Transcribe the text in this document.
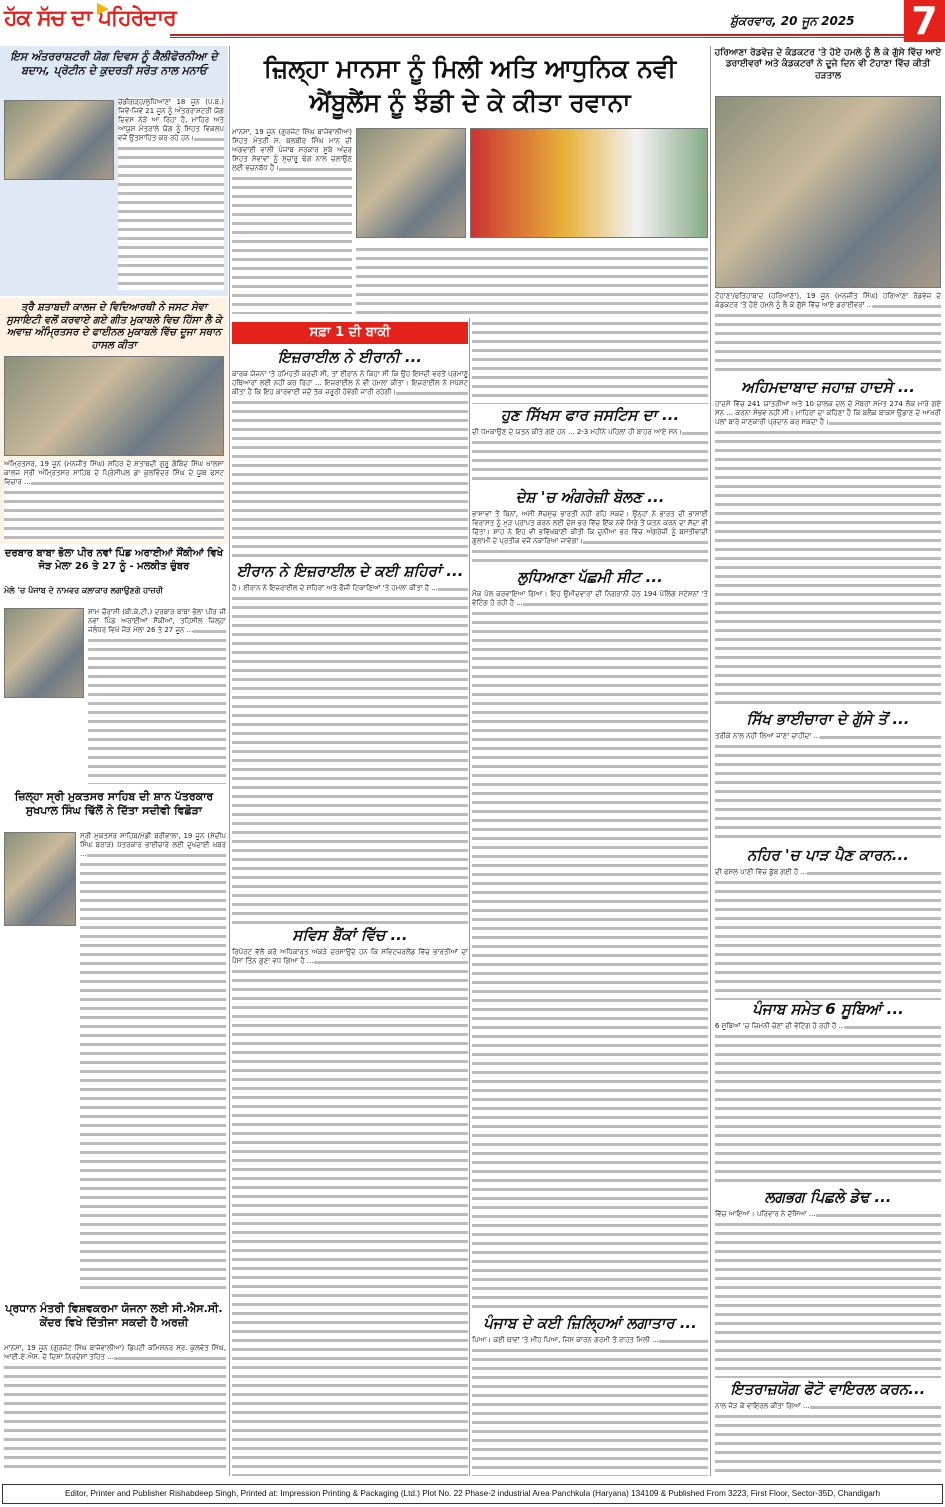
ਹੱਕ ਸੱਚ ਦਾ ਪਹਿਰੇਦਾਰ	ਸ਼ੁੱਕਰਵਾਰ, 20 ਜੂਨ 2025 7
ਇਸ ਅੰਤਰਰਾਸ਼ਟਰੀ ਯੋਗ ਦਿਵਸ ਨੂੰ ਕੈਲੀਫੋਰਨੀਆ ਦੇ ਬਦਾਮ, ਪ੍ਰੋਟੀਨ ਦੇ ਕੁਦਰਤੀ ਸਰੋਤ ਨਾਲ ਮਨਾਓ
ਚੰਡੀਗੜ੍ਹ/ਲੁਧਿਆਣਾ 18 ਜੂਨ (ਪ.ਬ.) ਜਿਵੇਂ-ਜਿਵੇਂ 21 ਜੂਨ ਨੂੰ ਅੰਤਰਰਾਸ਼ਟਰੀ ਯੋਗ ਦਿਵਸ ਨੇੜੇ ਆ ਰਿਹਾ ਹੈ, ਮਾਹਿਰ ਅਤੇ ਆਯੁਸ਼ ਮੰਤਰਾਲੇ ਯੋਗ ਨੂੰ ਸਿਹਤ ਵਿਕਲਪ ਵਜੋਂ ਉਤਸ਼ਾਹਿਤ ਕਰ ਰਹੇ ਹਨ।
ਤ੍ਰੈ ਸ਼ਤਾਬਦੀ ਕਾਲਜ ਦੇ ਵਿਦਿਆਰਥੀ ਨੇ ਜਸਟ ਸੇਵਾ ਸੁਸਾਇਟੀ ਵਲੋਂ ਕਰਵਾਏ ਗਏ ਗੀਤ ਮੁਕਾਬਲੇ ਵਿਚ ਹਿੱਸਾ ਲੈ ਕੇ ਅਵਾਜ਼ ਅੰਮ੍ਰਿਤਸਰ ਦੇ ਫਾਈਨਲ ਮੁਕਾਬਲੇ ਵਿੱਚ ਦੂਜਾ ਸਥਾਨ ਹਾਸਲ ਕੀਤਾ
ਅੰਮ੍ਰਿਤਸਰ, 19 ਜੂਨ (ਮਨਜੀਤ ਸਿੰਘ) ਸ਼ਹਿਰ ਦੇ ਸ਼ਤਾਬਦੀ ਗੁਰੂ ਗੋਬਿੰਦ ਸਿੰਘ ਖਾਲਸਾ ਕਾਲਜ ਸ੍ਰੀ ਅੰਮ੍ਰਿਤਸਰ ਸਾਹਿਬ ਦੇ ਪ੍ਰਿੰਸੀਪਲ ਡਾ ਕੁਲਵਿੰਦਰ ਸਿੰਘ ਦੇ ਯੂਥ ਫਸਟ ਵਿਚਾਰ ...
ਦਰਬਾਰ ਬਾਬਾ ਭੋਲਾ ਪੀਰ ਨਵਾਂ ਪਿੰਡ ਅਰਾਈਆਂ ਸੌਂਕੀਆਂ ਵਿਖੇ ਜੋੜ ਮੇਲਾ 26 ਤੇ 27 ਨੂੰ - ਮਲਕੀਤ ਚੁੰਬਰ
ਮੇਲੇ 'ਚ ਪੰਜਾਬ ਦੇ ਨਾਮਵਰ ਕਲਾਕਾਰ ਲਗਾਉਣਗੇ ਹਾਜ਼ਰੀ
ਸ਼ਾਮ ਚੌਰਾਸੀ (ਬੀ.ਕੇ.ਟੀ.) ਦਰਬਾਰ ਬਾਬਾ ਭੋਲਾ ਪੀਰ ਜੀ ਨਵਾਂ ਪਿੰਡ ਅਰਾਈਆਂ ਸੌਂਕੀਆਂ, ਤਹਿਸੀਲ ਜ਼ਿਲ੍ਹਾ ਜਲੰਧਰ ਵਿਖੇ ਜੋੜ ਮੇਲਾ 26 ਤੇ 27 ਜੂਨ ...
ਜ਼ਿਲ੍ਹਾ ਸ੍ਰੀ ਮੁਕਤਸਰ ਸਾਹਿਬ ਦੀ ਸ਼ਾਨ ਪੱਤਰਕਾਰ ਸੁਖਪਾਲ ਸਿੰਘ ਢਿੱਲੋਂ ਨੇ ਦਿੱਤਾ ਸਦੀਵੀ ਵਿਛੋੜਾ
ਸ੍ਰੀ ਮੁਕਤਸਰ ਸਾਹਿਬ/ਮੰਡੀ ਬਰੀਵਾਲਾ, 19 ਜੂਨ (ਸੰਦੀਪ ਸਿੰਘ ਬਰਾੜ) ਪੱਤਰਕਾਰ ਭਾਈਚਾਰੇ ਲਈ ਦੁਖਦਾਈ ਖ਼ਬਰ ...
ਪ੍ਰਧਾਨ ਮੰਤਰੀ ਵਿਸ਼ਵਕਰਮਾ ਯੋਜਨਾ ਲਈ ਸੀ.ਐਸ.ਸੀ. ਕੇਂਦਰ ਵਿਖੇ ਦਿੱਤੀਜਾ ਸਕਦੀ ਹੈ ਅਰਜ਼ੀ
ਮਾਨਸਾ, 19 ਜੂਨ (ਗੁਰਜੰਟ ਸਿੰਘ ਬਾਜੇਵਾਲੀਆ) ਡਿਪਟੀ ਕਮਿਸ਼ਨਰ ਸ੍ਰ. ਕੁਲਵੰਤ ਸਿੰਘ, ਆਈ.ਏ.ਐਸ. ਦੇ ਦਿਸ਼ਾ ਨਿਰਦੇਸ਼ਾਂ ਤਹਿਤ ...
ਜ਼ਿਲ੍ਹਾ ਮਾਨਸਾ ਨੂੰ ਮਿਲੀ ਅਤਿ ਆਧੁਨਿਕ ਨਵੀ ਐਂਬੂਲੈਂਸ ਨੂੰ ਝੰਡੀ ਦੇ ਕੇ ਕੀਤਾ ਰਵਾਨਾ
ਮਾਨਸਾ, 19 ਜੂਨ (ਗੁਰਜੰਟ ਸਿੰਘ ਬਾਜੇਵਾਲੀਆ) ਸਿਹਤ ਮੰਤਰੀ ਸ. ਬਲਬੀਰ ਸਿੰਘ ਮਾਨ ਦੀ ਅਗਵਾਈ ਵਾਲੀ ਪੰਜਾਬ ਸਰਕਾਰ ਸੂਬੇ ਅੰਦਰ ਸਿਹਤ ਸੇਵਾਵਾਂ ਨੂੰ ਸੁਚਾਰੂ ਢੰਗ ਨਾਲ ਚਲਾਉਣ ਲਈ ਵਚਨਬੱਧ ਹੈ।
ਸਫ਼ਾ 1 ਦੀ ਬਾਕੀ
ਇਜ਼ਰਾਈਲ ਨੇ ਈਰਾਨੀ ...
ਕਾਰਕ ਯੋਜਨਾ 'ਤੇ ਹਮਿਹਤੀ ਕਰਦੀ ਸੀ, ਤਾਂ ਈਰਾਨ ਨੇ ਕਿਹਾ ਸੀ ਕਿ ਉਹ ਇਸਦੀ ਵਰਤੋਂ ਪ੍ਰਮਾਣੂ ਹਥਿਆਰਾਂ ਲਈ ਨਹੀਂ ਕਰ ਰਿਹਾ ... ਇਜ਼ਰਾਈਲ ਨੇ ਵੀ ਹਮਲਾ ਕੀਤਾ। ਇਜ਼ਰਾਈਲ ਨੇ ਸਪੱਸ਼ਟ ਕੀਤਾ ਹੈ ਕਿ ਇਹ ਕਾਰਵਾਈ ਜਦੋਂ ਤੱਕ ਜ਼ਰੂਰੀ ਹੋਵੇਗੀ ਜਾਰੀ ਰਹੇਗੀ।
ਈਰਾਨ ਨੇ ਇਜ਼ਰਾਈਲ ਦੇ ਕਈ ਸ਼ਹਿਰਾਂ ...
ਹੈ। ਈਰਾਨ ਨੇ ਇਜ਼ਰਾਈਲ ਦੇ ਸ਼ਹਿਰਾਂ ਅਤੇ ਫੌਜੀ ਟਿਕਾਣਿਆਂ 'ਤੇ ਹਮਲਾ ਕੀਤਾ ਹੈ ...
ਸਵਿਸ ਬੈਂਕਾਂ ਵਿੱਚ ...
ਰਿਪੋਰਟ ਵੱਲੋਂ ਕਰੋ ਅਧਿਕਾਰਤ ਅੰਕੜੇ ਦਰਸਾਉਂਦੇ ਹਨ ਕਿ ਸਵਿਟਜ਼ਰਲੈਂਡ ਵਿੱਚ ਭਾਰਤੀਆਂ ਦਾ ਪੈਸਾ ਤਿੰਨ ਗੁਣਾ ਵਧ ਗਿਆ ਹੈ ...
ਹੁਣ ਸਿੱਖਸ ਫਾਰ ਜਸਟਿਸ ਦਾ ...
ਦੀ ਧਮਕਾਉਣ ਦੇ ਯਤਨ ਕੀਤੇ ਗਏ ਹਨ ... 2-3 ਮਹੀਨੇ ਪਹਿਲਾਂ ਹੀ ਬਾਹਰ ਆਏ ਸਨ।
ਦੇਸ਼ 'ਚ ਅੰਗਰੇਜ਼ੀ ਬੋਲਣ ...
ਭਾਸ਼ਾਵਾਂ ਤੋਂ ਬਿਨਾਂ, ਅਸੀਂ ਸੱਚਮੁੱਚ ਭਾਰਤੀ ਨਹੀਂ ਰਹਿ ਸਕਦੇ। ਉਨ੍ਹਾਂ ਨੇ ਭਾਰਤ ਦੀ ਭਾਸ਼ਾਈ ਵਿਰਾਸਤ ਨੂੰ ਮੁੜ ਪ੍ਰਾਪਤ ਕਰਨ ਲਈ ਦੇਸ਼ ਭਰ ਵਿੱਚ ਇੱਕ ਨਵੇਂ ਸਿਰੇ ਤੋਂ ਯਤਨ ਕਰਨ ਦਾ ਸੱਦਾ ਵੀ ਦਿੱਤਾ। ਸ਼ਾਹ ਨੇ ਇਹ ਵੀ ਭਵਿੱਖਬਾਣੀ ਕੀਤੀ ਕਿ ਦੁਨੀਆ ਭਰ ਵਿੱਚ ਅੰਗਰੇਜ਼ੀ ਨੂੰ ਬਸਤੀਵਾਦੀ ਗੁਲਾਮੀ ਦੇ ਪ੍ਰਤੀਕ ਵਜੋਂ ਨਕਾਰਿਆ ਜਾਵੇਗਾ।
ਲੁਧਿਆਣਾ ਪੱਛਮੀ ਸੀਟ ...
ਮੌਕ ਪੋਲ ਕਰਵਾਇਆ ਗਿਆ। ਇਹ ਉਮੀਦਵਾਰਾਂ ਦੀ ਨਿਗਰਾਨੀ ਹੇਠ 194 ਪੋਲਿੰਗ ਸਟੇਸ਼ਨਾਂ 'ਤੇ ਵੋਟਿੰਗ ਹੋ ਰਹੀ ਹੈ ...
ਪੰਜਾਬ ਦੇ ਕਈ ਜ਼ਿਲ੍ਹਿਆਂ ਲਗਾਤਾਰ ...
ਪਿਆ। ਕਈ ਥਾਵਾਂ 'ਤੇ ਮੀਂਹ ਪਿਆ, ਜਿਸ ਕਾਰਨ ਗਰਮੀ ਤੋਂ ਰਾਹਤ ਮਿਲੀ ...
ਹਰਿਆਣਾ ਰੋਡਵੇਜ਼ ਦੇ ਕੰਡਕਟਰ 'ਤੇ ਹੋਏ ਹਮਲੇ ਨੂੰ ਲੈ ਕੇ ਗੁੱਸੇ ਵਿੱਚ ਆਏ ਡਰਾਈਵਰਾਂ ਅਤੇ ਕੰਡਕਟਰਾਂ ਨੇ ਦੂਜੇ ਦਿਨ ਵੀ ਟੋਹਾਣਾ ਵਿੱਚ ਕੀਤੀ ਹੜਤਾਲ
ਟੋਹਾਣਾ/ਫਤਿਹਾਬਾਦ (ਹਰਿਆਣਾ), 19 ਜੂਨ (ਮਨਜੀਤ ਸਿੰਘ) ਹਰਿਆਣਾ ਰੋਡਵੇਜ਼ ਦੇ ਕੰਡਕਟਰ 'ਤੇ ਹੋਏ ਹਮਲੇ ਨੂੰ ਲੈ ਕੇ ਗੁੱਸੇ ਵਿੱਚ ਆਏ ਡਰਾਈਵਰਾਂ ...
ਅਹਿਮਦਾਬਾਦ ਜਹਾਜ਼ ਹਾਦਸੇ ...
ਹਾਦਸੇ ਵਿੱਚ 241 ਯਾਤਰੀਆਂ ਅਤੇ 10 ਚਾਲਕ ਦਲ ਦੇ ਮੈਂਬਰਾਂ ਸਮੇਤ 274 ਲੋਕ ਮਾਰੇ ਗਏ ਸਨ ... ਕਰਨਾ ਸੰਭਵ ਨਹੀਂ ਸੀ। ਮਾਹਿਰਾਂ ਦਾ ਕਹਿਣਾ ਹੈ ਕਿ ਬਲੈਕ ਬਾਕਸ ਉਡਾਣ ਦੇ ਆਖਰੀ ਪਲਾਂ ਬਾਰੇ ਜਾਣਕਾਰੀ ਪ੍ਰਦਾਨ ਕਰ ਸਕਦਾ ਹੈ।
ਸਿੱਖ ਭਾਈਚਾਰਾ ਦੇ ਗੁੱਸੇ ਤੋਂ ...
ਤਰੀਕੇ ਨਾਲ ਨਹੀਂ ਲਿਆ ਜਾਣਾ ਚਾਹੀਦਾ ...
ਨਹਿਰ 'ਚ ਪਾੜ ਪੈਣ ਕਾਰਨ...
ਦੀ ਫਸਲ ਪਾਣੀ ਵਿੱਚ ਡੁੱਬ ਗਈ ਹੈ ...
ਪੰਜਾਬ ਸਮੇਤ 6 ਸੂਬਿਆਂ ...
6 ਸੂਬਿਆਂ 'ਚ ਜ਼ਿਮਨੀ ਚੋਣਾਂ ਦੀ ਵੋਟਿੰਗ ਹੋ ਰਹੀ ਹੈ ...
ਲਗਭਗ ਪਿਛਲੇ ਡੇਢ ...
ਵਿੱਚ ਆਇਆ। ਪਰਿਵਾਰ ਨੇ ਦੱਸਿਆ ...
ਇਤਰਾਜ਼ਯੋਗ ਫੋਟੋ ਵਾਇਰਲ ਕਰਨ...
ਨਾਲ ਜੋੜ ਕੇ ਵਾਇਰਲ ਕੀਤਾ ਗਿਆ ...
Editor, Printer and Publisher Rishabdeep Singh, Printed at: Impression Printing & Packaging (Ltd.) Plot No. 22 Phase-2 industrial Area Panchkula (Haryana) 134109 & Published From 3223, First Floor, Sector-35D, Chandigarh
